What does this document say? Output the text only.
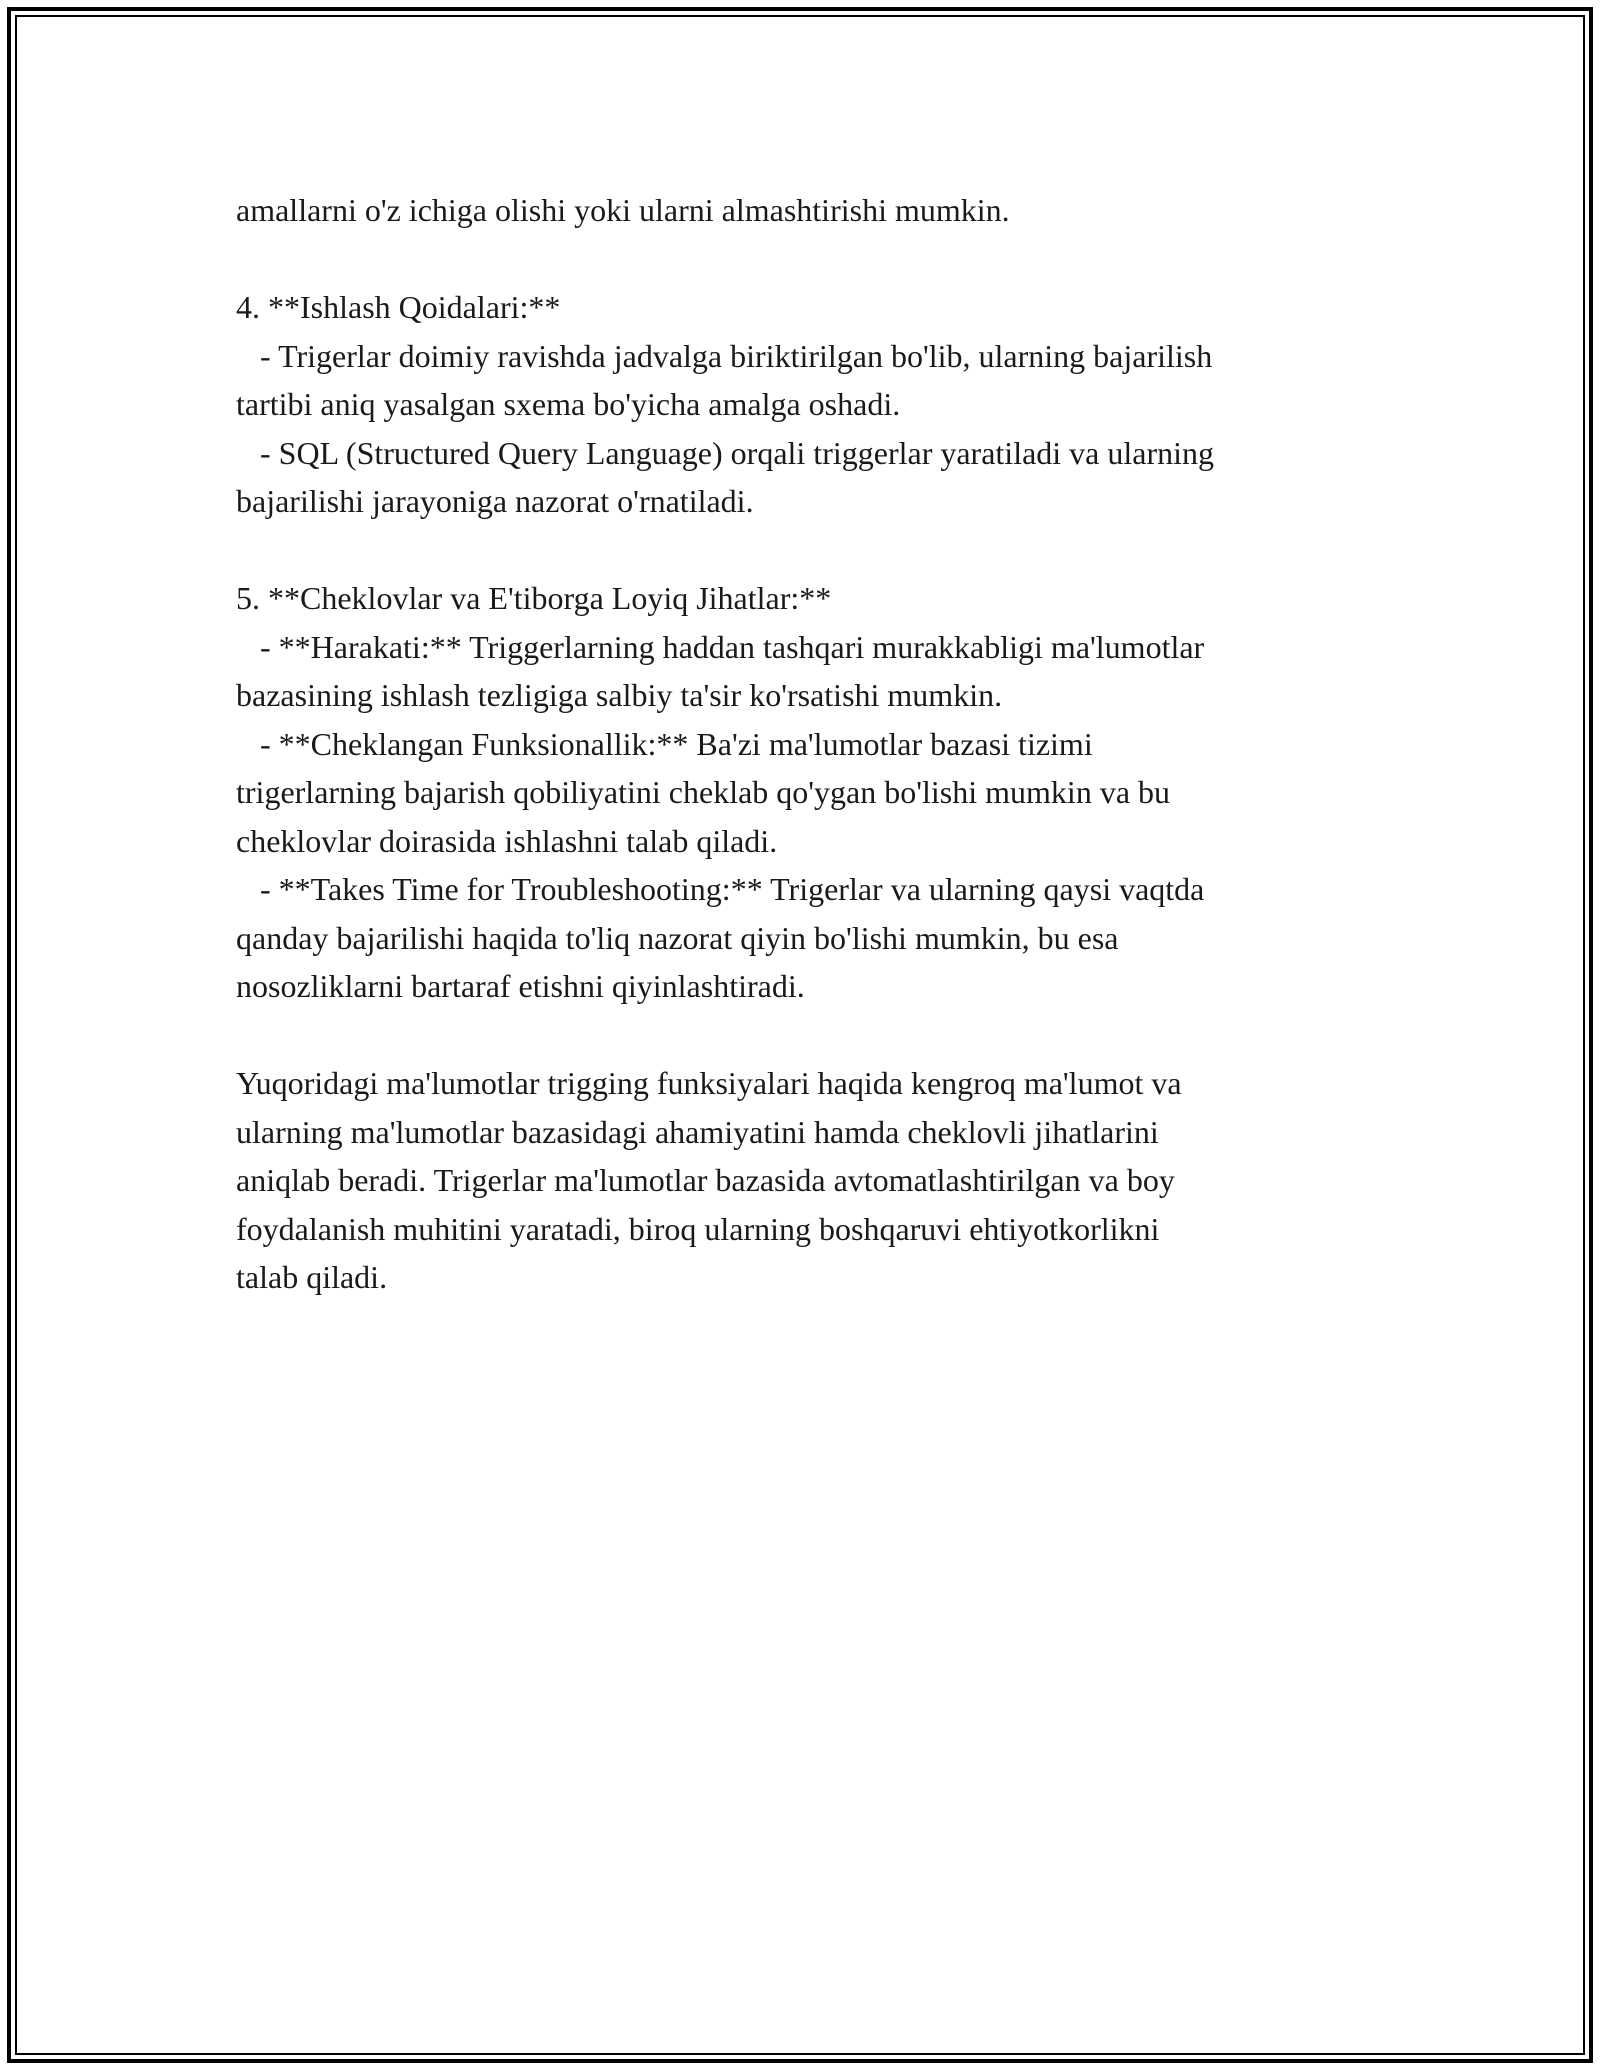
amallarni o'z ichiga olishi yoki ularni almashtirishi mumkin.
4. **Ishlash Qoidalari:**
- Trigerlar doimiy ravishda jadvalga biriktirilgan bo'lib, ularning bajarilish
tartibi aniq yasalgan sxema bo'yicha amalga oshadi.
- SQL (Structured Query Language) orqali triggerlar yaratiladi va ularning
bajarilishi jarayoniga nazorat o'rnatiladi.
5. **Cheklovlar va E'tiborga Loyiq Jihatlar:**
- **Harakati:** Triggerlarning haddan tashqari murakkabligi ma'lumotlar
bazasining ishlash tezligiga salbiy ta'sir ko'rsatishi mumkin.
- **Cheklangan Funksionallik:** Ba'zi ma'lumotlar bazasi tizimi
trigerlarning bajarish qobiliyatini cheklab qo'ygan bo'lishi mumkin va bu
cheklovlar doirasida ishlashni talab qiladi.
- **Takes Time for Troubleshooting:** Trigerlar va ularning qaysi vaqtda
qanday bajarilishi haqida to'liq nazorat qiyin bo'lishi mumkin, bu esa
nosozliklarni bartaraf etishni qiyinlashtiradi.
Yuqoridagi ma'lumotlar trigging funksiyalari haqida kengroq ma'lumot va
ularning ma'lumotlar bazasidagi ahamiyatini hamda cheklovli jihatlarini
aniqlab beradi. Trigerlar ma'lumotlar bazasida avtomatlashtirilgan va boy
foydalanish muhitini yaratadi, biroq ularning boshqaruvi ehtiyotkorlikni
talab qiladi.
